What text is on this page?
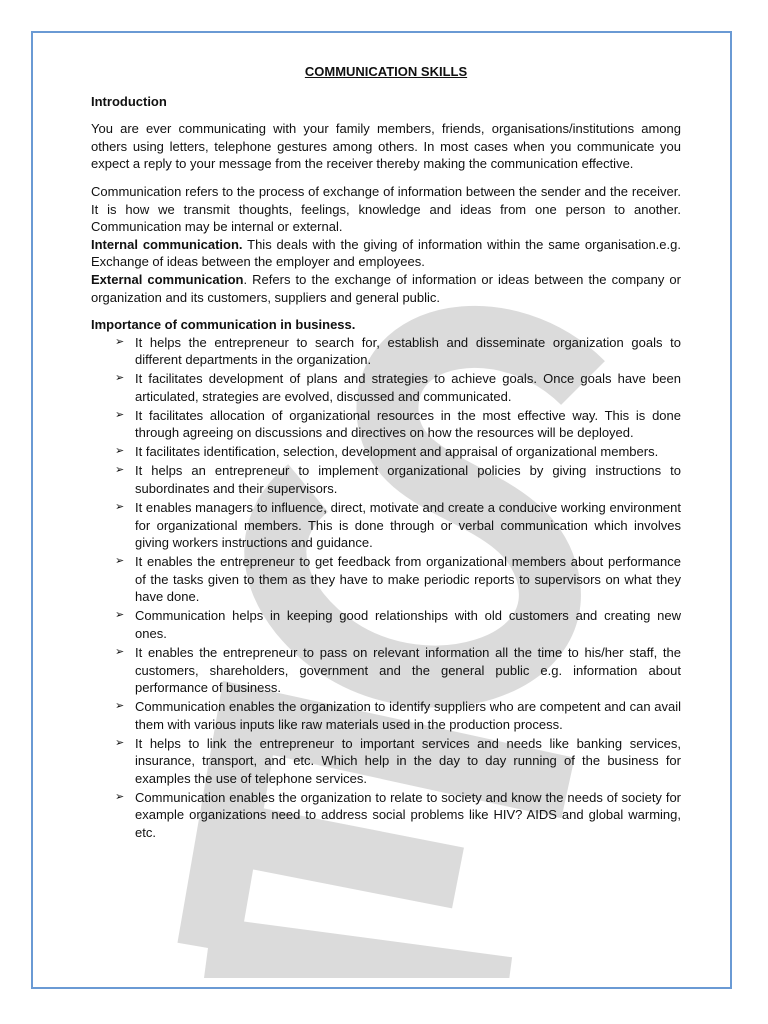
COMMUNICATION SKILLS
Introduction

You are ever communicating with your family members, friends, organisations/institutions among others using letters, telephone gestures among others. In most cases when you communicate you expect a reply to your message from the receiver thereby making the communication effective.

Communication refers to the process of exchange of information between the sender and the receiver. It is how we transmit thoughts, feelings, knowledge and ideas from one person to another. Communication may be internal or external.

Internal communication. This deals with the giving of information within the same organisation.e.g. Exchange of ideas between the employer and employees.

External communication. Refers to the exchange of information or ideas between the company or organization and its customers, suppliers and general public.

Importance of communication in business.
➢ It helps the entrepreneur to search for, establish and disseminate organization goals to different departments in the organization.
➢ It facilitates development of plans and strategies to achieve goals. Once goals have been articulated, strategies are evolved, discussed and communicated.
➢ It facilitates allocation of organizational resources in the most effective way. This is done through agreeing on discussions and directives on how the resources will be deployed.
➢ It facilitates identification, selection, development and appraisal of organizational members.
➢ It helps an entrepreneur to implement organizational policies by giving instructions to subordinates and their supervisors.
➢ It enables managers to influence, direct, motivate and create a conducive working environment for organizational members. This is done through or verbal communication which involves giving workers instructions and guidance.
➢ It enables the entrepreneur to get feedback from organizational members about performance of the tasks given to them as they have to make periodic reports to supervisors on what they have done.
➢ Communication helps in keeping good relationships with old customers and creating new ones.
➢ It enables the entrepreneur to pass on relevant information all the time to his/her staff, the customers, shareholders, government and the general public e.g. information about performance of business.
➢ Communication enables the organization to identify suppliers who are competent and can avail them with various inputs like raw materials used in the production process.
➢ It helps to link the entrepreneur to important services and needs like banking services, insurance, transport, and etc. Which help in the day to day running of the business for examples the use of telephone services.
➢ Communication enables the organization to relate to society and know the needs of society for example organizations need to address social problems like HIV? AIDS and global warming, etc.
